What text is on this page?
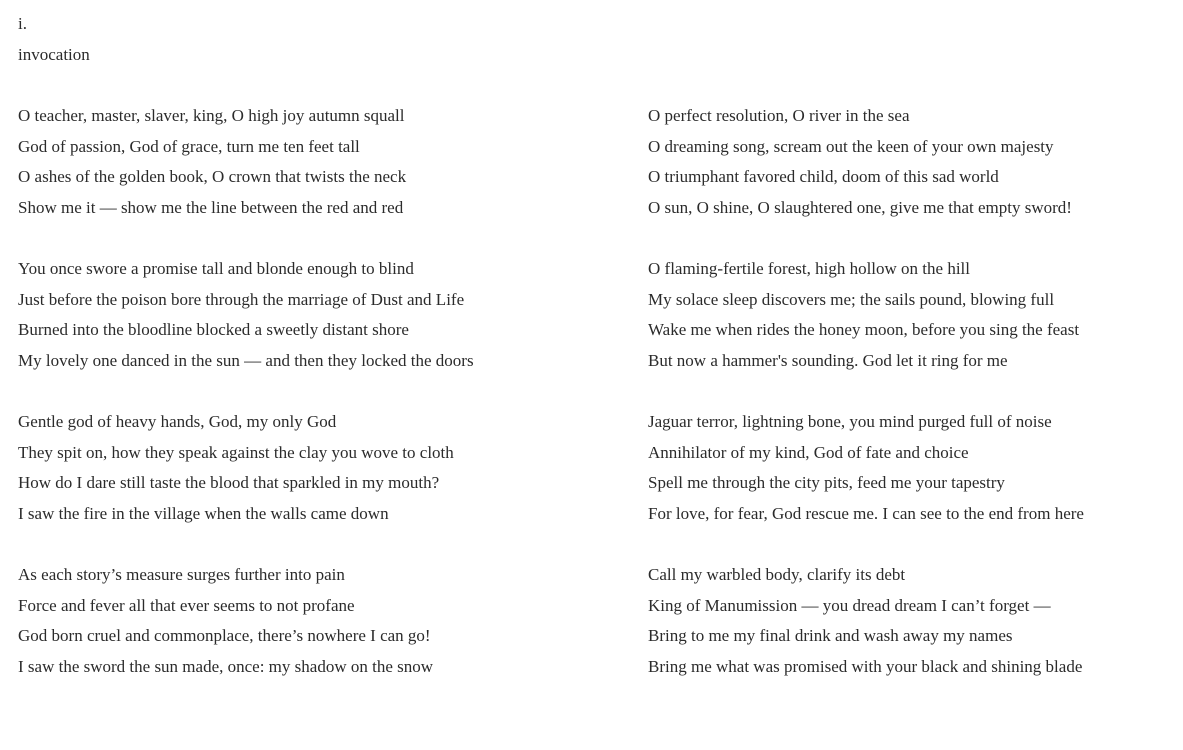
i.
invocation
O teacher, master, slaver, king, O high joy autumn squall
God of passion, God of grace, turn me ten feet tall
O ashes of the golden book, O crown that twists the neck
Show me it — show me the line between the red and red
You once swore a promise tall and blonde enough to blind
Just before the poison bore through the marriage of Dust and Life
Burned into the bloodline blocked a sweetly distant shore
My lovely one danced in the sun — and then they locked the doors
Gentle god of heavy hands, God, my only God
They spit on, how they speak against the clay you wove to cloth
How do I dare still taste the blood that sparkled in my mouth?
I saw the fire in the village when the walls came down
As each story’s measure surges further into pain
Force and fever all that ever seems to not profane
God born cruel and commonplace, there’s nowhere I can go!
I saw the sword the sun made, once: my shadow on the snow
O perfect resolution, O river in the sea
O dreaming song, scream out the keen of your own majesty
O triumphant favored child, doom of this sad world
O sun, O shine, O slaughtered one, give me that empty sword!
O flaming-fertile forest, high hollow on the hill
My solace sleep discovers me; the sails pound, blowing full
Wake me when rides the honey moon, before you sing the feast
But now a hammer's sounding. God let it ring for me
Jaguar terror, lightning bone, you mind purged full of noise
Annihilator of my kind, God of fate and choice
Spell me through the city pits, feed me your tapestry
For love, for fear, God rescue me. I can see to the end from here
Call my warbled body, clarify its debt
King of Manumission — you dread dream I can’t forget —
Bring to me my final drink and wash away my names
Bring me what was promised with your black and shining blade
